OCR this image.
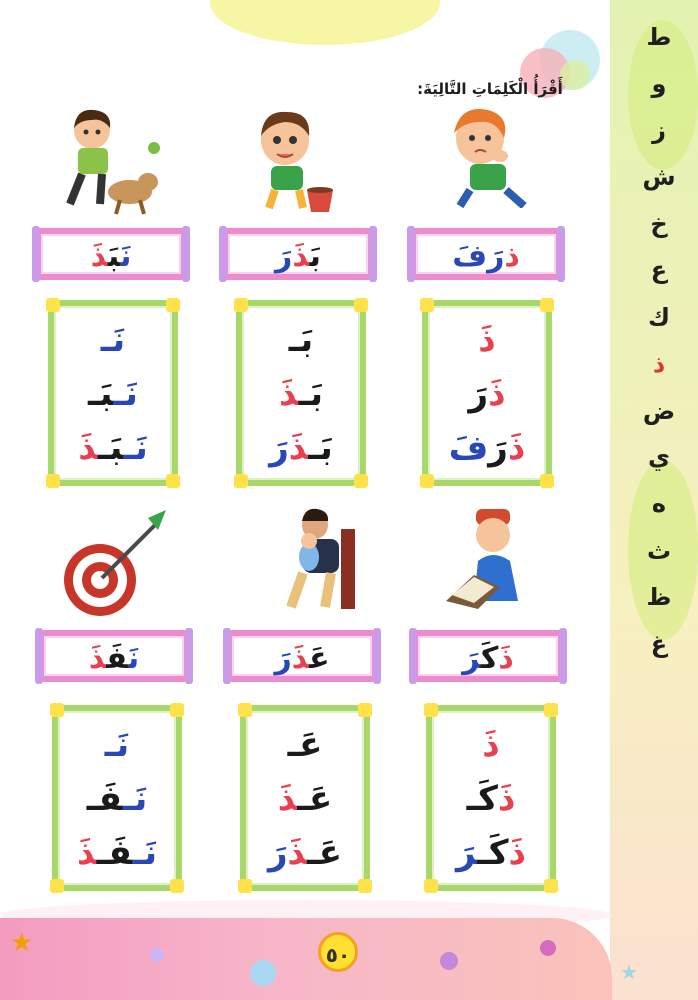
ط
و
ز
ش
خ
ع
ك
ذ
ض
ي
ه
ث
ظ
غ
أَقْرَأُ الْكَلِمَاتِ التَّالِيَةَ:
ذرَفَ
بَذَرَ
نَبَذَ
ذَ
ذَرَ
ذَرَفَ
بَـ
بَـذَ
بَـذَرَ
نَـ
نَـبَـ
نَـبَـذَ
ذَكَرَ
عَذَرَ
نَفَذَ
ذَ
ذَكَـ
ذَكَـرَ
عَـ
عَـذَ
عَـذَرَ
نَـ
نَـفَـ
نَـفَـذَ
★
★
٥٠
